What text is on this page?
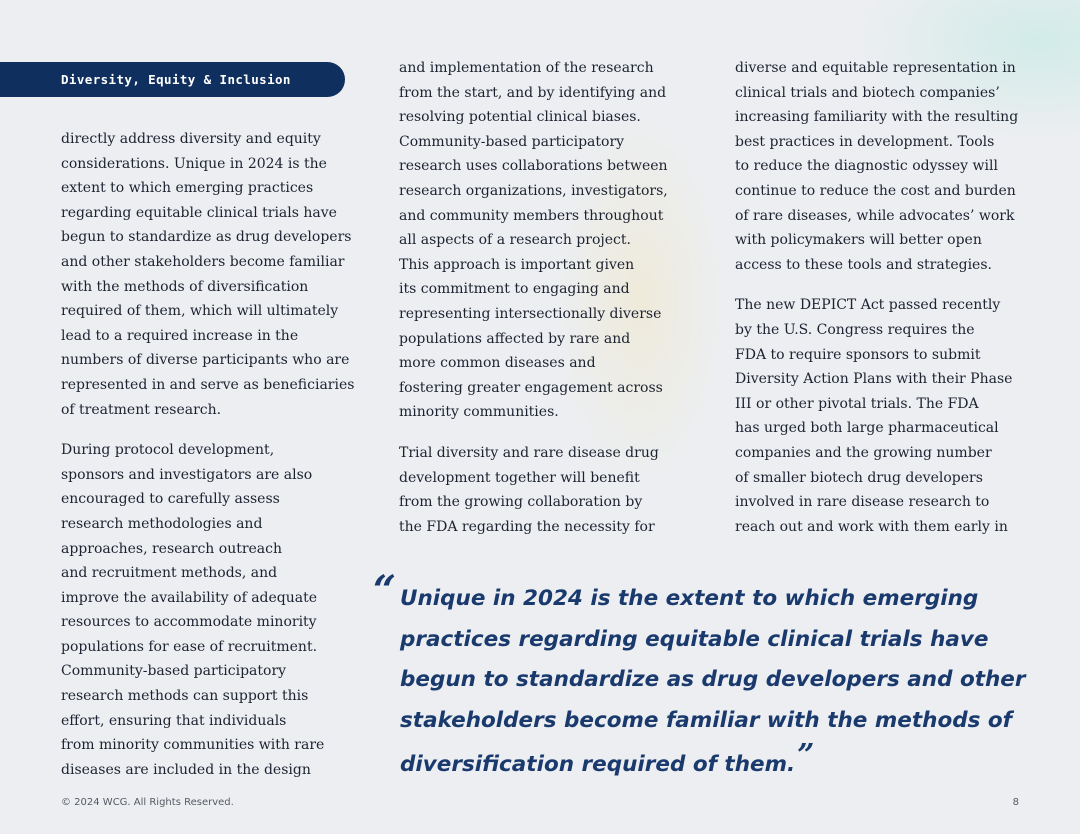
Diversity, Equity & Inclusion

directly address diversity and equity
considerations. Unique in 2024 is the
extent to which emerging practices
regarding equitable clinical trials have
begun to standardize as drug developers
and other stakeholders become familiar
with the methods of diversification
required of them, which will ultimately
lead to a required increase in the
numbers of diverse participants who are
represented in and serve as beneficiaries
of treatment research.

During protocol development,
sponsors and investigators are also
encouraged to carefully assess
research methodologies and
approaches, research outreach
and recruitment methods, and
improve the availability of adequate
resources to accommodate minority
populations for ease of recruitment.
Community-based participatory
research methods can support this
effort, ensuring that individuals
from minority communities with rare
diseases are included in the design

and implementation of the research
from the start, and by identifying and
resolving potential clinical biases.
Community-based participatory
research uses collaborations between
research organizations, investigators,
and community members throughout
all aspects of a research project.
This approach is important given
its commitment to engaging and
representing intersectionally diverse
populations affected by rare and
more common diseases and
fostering greater engagement across
minority communities.

Trial diversity and rare disease drug
development together will benefit
from the growing collaboration by
the FDA regarding the necessity for

diverse and equitable representation in
clinical trials and biotech companies’
increasing familiarity with the resulting
best practices in development. Tools
to reduce the diagnostic odyssey will
continue to reduce the cost and burden
of rare diseases, while advocates’ work
with policymakers will better open
access to these tools and strategies.

The new DEPICT Act passed recently
by the U.S. Congress requires the
FDA to require sponsors to submit
Diversity Action Plans with their Phase
III or other pivotal trials. The FDA
has urged both large pharmaceutical
companies and the growing number
of smaller biotech drug developers
involved in rare disease research to
reach out and work with them early in

“ Unique in 2024 is the extent to which emerging
practices regarding equitable clinical trials have
begun to standardize as drug developers and other
stakeholders become familiar with the methods of
diversification required of them.”
© 2024 WCG. All Rights Reserved.	8
